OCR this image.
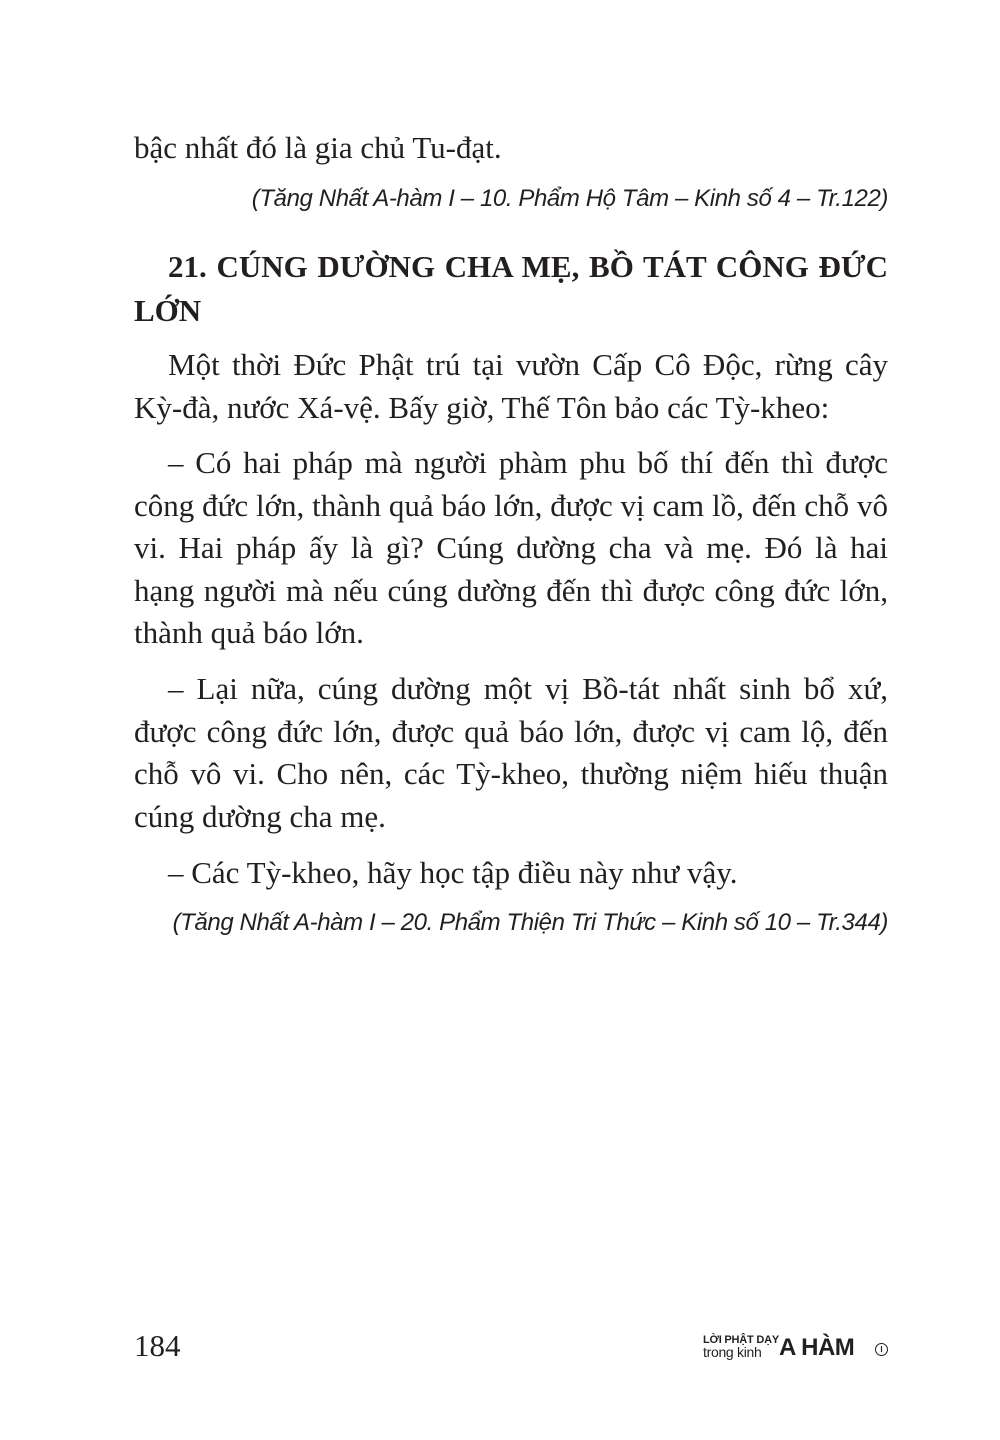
bậc nhất đó là gia chủ Tu-đạt.

(Tăng Nhất A-hàm I – 10. Phẩm Hộ Tâm – Kinh số 4 – Tr.122)

21. CÚNG DƯỜNG CHA MẸ, BỒ TÁT CÔNG ĐỨC LỚN

Một thời Đức Phật trú tại vườn Cấp Cô Độc, rừng cây Kỳ-đà, nước Xá-vệ. Bấy giờ, Thế Tôn bảo các Tỳ-kheo:

– Có hai pháp mà người phàm phu bố thí đến thì được công đức lớn, thành quả báo lớn, được vị cam lồ, đến chỗ vô vi. Hai pháp ấy là gì? Cúng dường cha và mẹ. Đó là hai hạng người mà nếu cúng dường đến thì được công đức lớn, thành quả báo lớn.

– Lại nữa, cúng dường một vị Bồ-tát nhất sinh bổ xứ, được công đức lớn, được quả báo lớn, được vị cam lộ, đến chỗ vô vi. Cho nên, các Tỳ-kheo, thường niệm hiếu thuận cúng dường cha mẹ.

– Các Tỳ-kheo, hãy học tập điều này như vậy.

(Tăng Nhất A-hàm I – 20. Phẩm Thiện Tri Thức – Kinh số 10 – Tr.344)

184	LỜI PHẬT DẠY
trong kinh A HÀM	I
